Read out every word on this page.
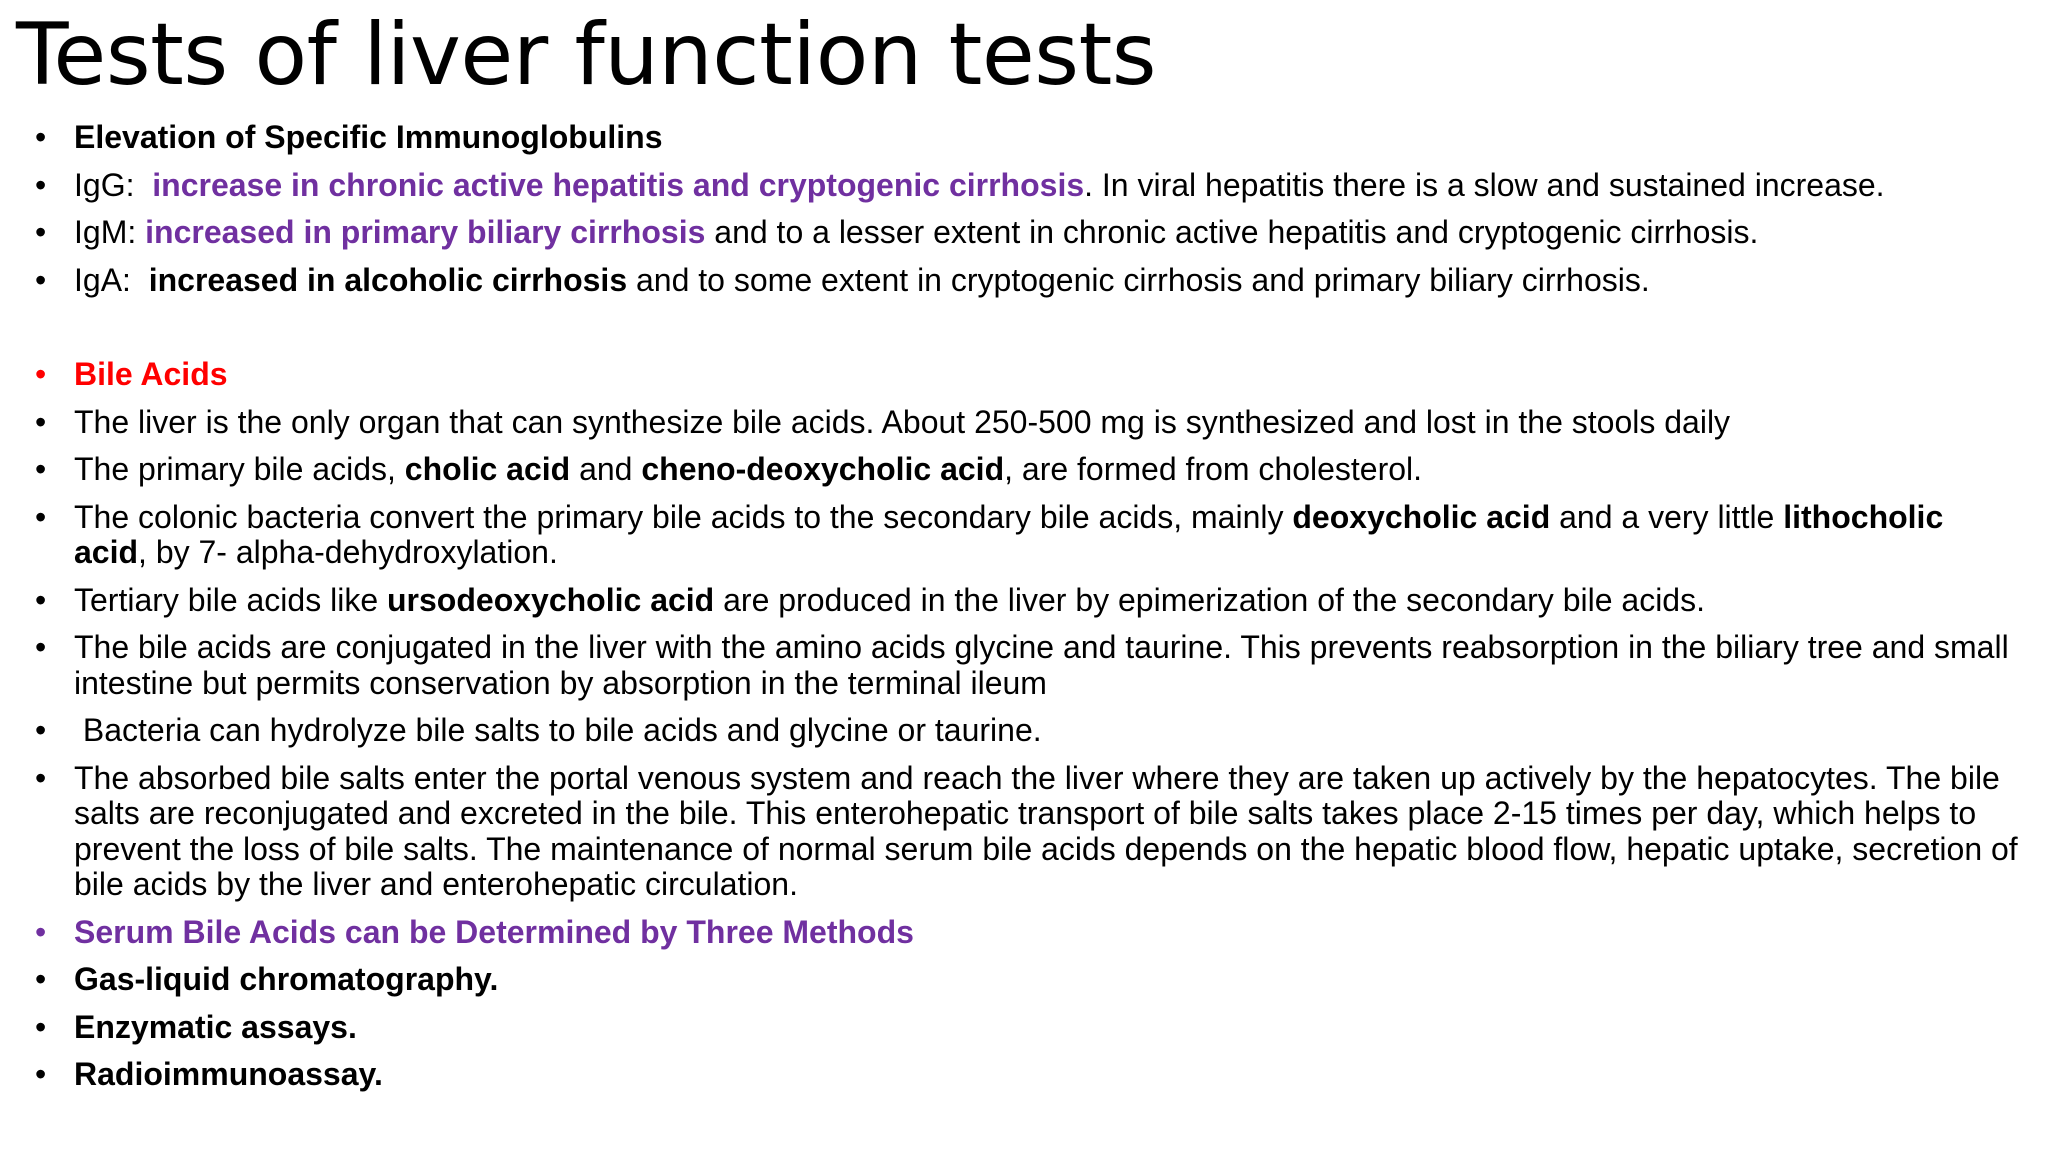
Tests of liver function tests
• Elevation of Specific Immunoglobulins
• IgG: increase in chronic active hepatitis and cryptogenic cirrhosis. In viral hepatitis there is a slow and sustained increase.
• IgM: increased in primary biliary cirrhosis and to a lesser extent in chronic active hepatitis and cryptogenic cirrhosis.
• IgA: increased in alcoholic cirrhosis and to some extent in cryptogenic cirrhosis and primary biliary cirrhosis.
• Bile Acids
• The liver is the only organ that can synthesize bile acids. About 250-500 mg is synthesized and lost in the stools daily
• The primary bile acids, cholic acid and cheno-deoxycholic acid, are formed from cholesterol.
• The colonic bacteria convert the primary bile acids to the secondary bile acids, mainly deoxycholic acid and a very little lithocholic acid, by 7- alpha-dehydroxylation.
• Tertiary bile acids like ursodeoxycholic acid are produced in the liver by epimerization of the secondary bile acids.
• The bile acids are conjugated in the liver with the amino acids glycine and taurine. This prevents reabsorption in the biliary tree and small intestine but permits conservation by absorption in the terminal ileum
• Bacteria can hydrolyze bile salts to bile acids and glycine or taurine.
• The absorbed bile salts enter the portal venous system and reach the liver where they are taken up actively by the hepatocytes. The bile salts are reconjugated and excreted in the bile. This enterohepatic transport of bile salts takes place 2-15 times per day, which helps to prevent the loss of bile salts. The maintenance of normal serum bile acids depends on the hepatic blood flow, hepatic uptake, secretion of bile acids by the liver and enterohepatic circulation.
• Serum Bile Acids can be Determined by Three Methods
• Gas-liquid chromatography.
• Enzymatic assays.
• Radioimmunoassay.
